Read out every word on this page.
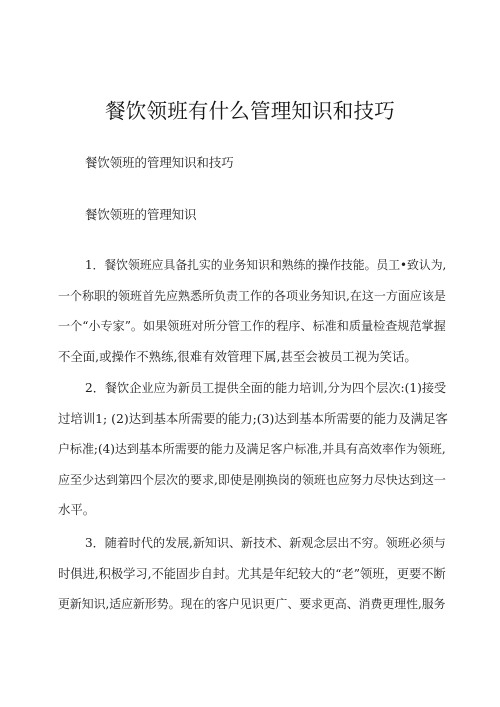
餐饮领班有什么管理知识和技巧

餐饮领班的管理知识和技巧

餐饮领班的管理知识

1．餐饮领班应具备扎实的业务知识和熟练的操作技能。员工•致认为,
一个称职的领班首先应熟悉所负责工作的各项业务知识,在这一方面应该是
一个“小专家”。如果领班对所分管工作的程序、标准和质量检查规范掌握
不全面,或操作不熟练,很难有效管理下属,甚至会被员工视为笑话。
2．餐饮企业应为新员工提供全面的能力培训,分为四个层次:(1)接受
过培训1; (2)达到基本所需要的能力;(3)达到基本所需要的能力及满足客
户标准;(4)达到基本所需要的能力及满足客户标准,并具有高效率作为领班,
应至少达到第四个层次的要求,即使是刚换岗的领班也应努力尽快达到这一
水平。
3．随着时代的发展,新知识、新技术、新观念层出不穷。领班必须与
时俱进,积极学习,不能固步自封。尤其是年纪较大的“老”领班，更要不断
更新知识,适应新形势。现在的客户见识更广、要求更高、消费更理性,服务
